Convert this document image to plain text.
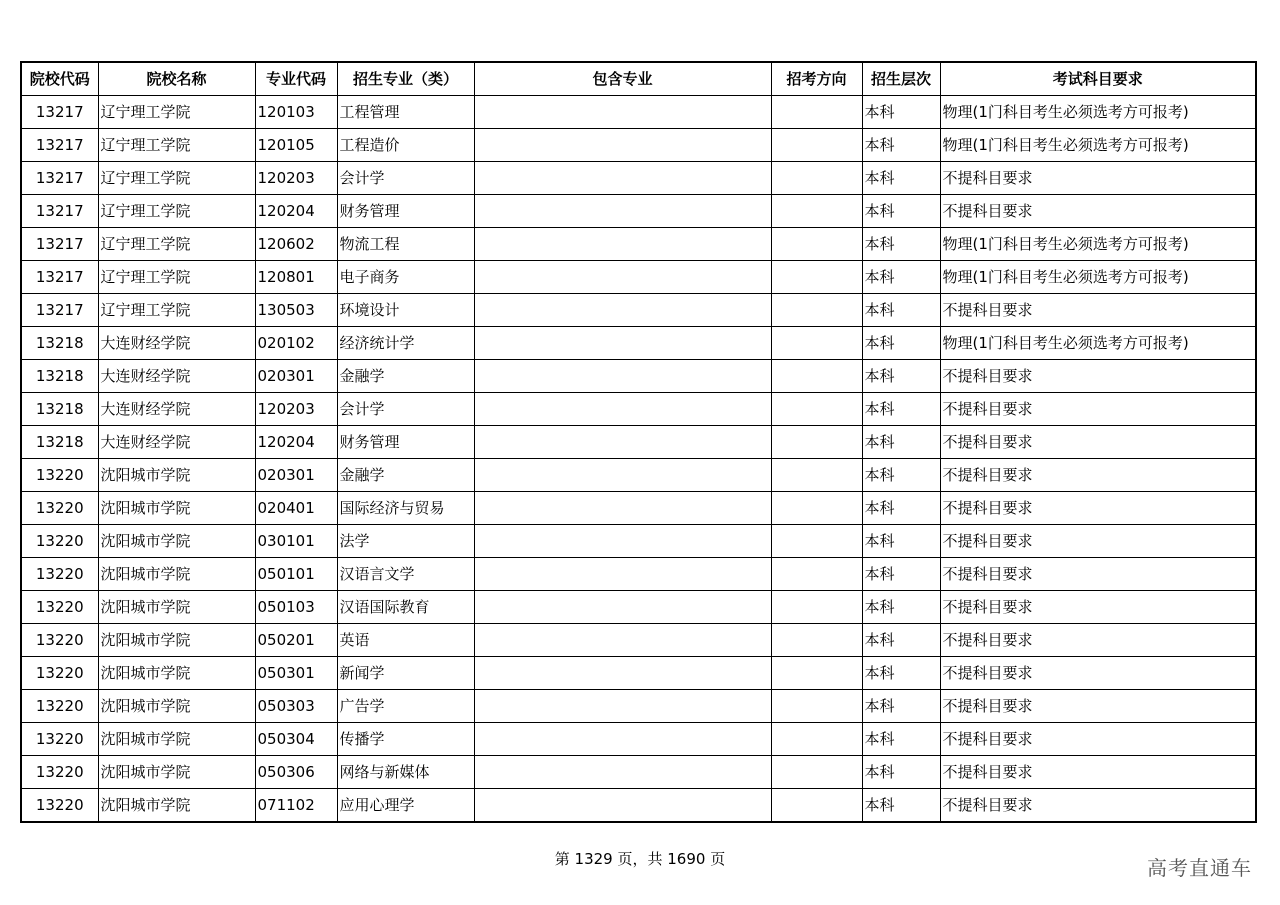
院校代码	院校名称	专业代码	招生专业（类）	包含专业	招考方向	招生层次	考试科目要求
13217	辽宁理工学院	120103	工程管理			本科	物理(1门科目考生必须选考方可报考)
13217	辽宁理工学院	120105	工程造价			本科	物理(1门科目考生必须选考方可报考)
13217	辽宁理工学院	120203	会计学			本科	不提科目要求
13217	辽宁理工学院	120204	财务管理			本科	不提科目要求
13217	辽宁理工学院	120602	物流工程			本科	物理(1门科目考生必须选考方可报考)
13217	辽宁理工学院	120801	电子商务			本科	物理(1门科目考生必须选考方可报考)
13217	辽宁理工学院	130503	环境设计			本科	不提科目要求
13218	大连财经学院	020102	经济统计学			本科	物理(1门科目考生必须选考方可报考)
13218	大连财经学院	020301	金融学			本科	不提科目要求
13218	大连财经学院	120203	会计学			本科	不提科目要求
13218	大连财经学院	120204	财务管理			本科	不提科目要求
13220	沈阳城市学院	020301	金融学			本科	不提科目要求
13220	沈阳城市学院	020401	国际经济与贸易			本科	不提科目要求
13220	沈阳城市学院	030101	法学			本科	不提科目要求
13220	沈阳城市学院	050101	汉语言文学			本科	不提科目要求
13220	沈阳城市学院	050103	汉语国际教育			本科	不提科目要求
13220	沈阳城市学院	050201	英语			本科	不提科目要求
13220	沈阳城市学院	050301	新闻学			本科	不提科目要求
13220	沈阳城市学院	050303	广告学			本科	不提科目要求
13220	沈阳城市学院	050304	传播学			本科	不提科目要求
13220	沈阳城市学院	050306	网络与新媒体			本科	不提科目要求
13220	沈阳城市学院	071102	应用心理学			本科	不提科目要求
第 1329 页，共 1690 页	高考直通车
